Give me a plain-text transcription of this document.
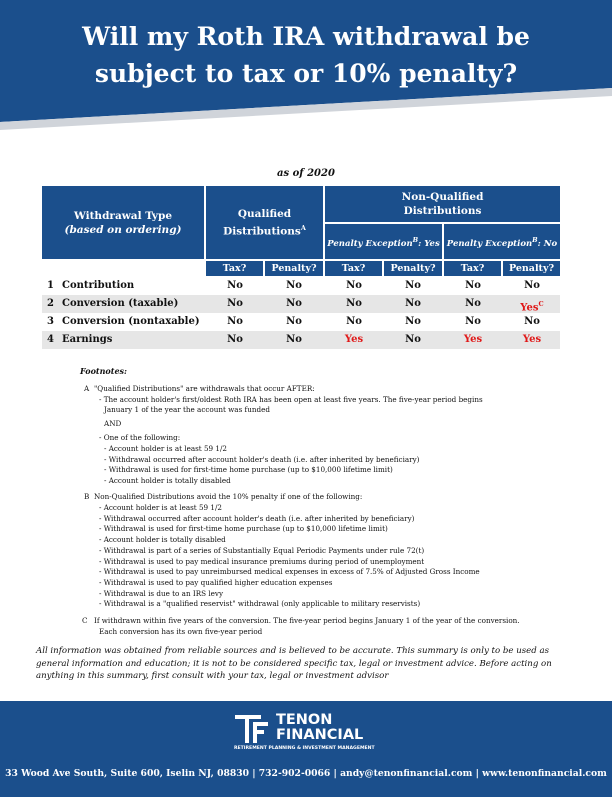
Will my Roth IRA withdrawal be
subject to tax or 10% penalty?
as of 2020
Withdrawal Type
(based on ordering)
Qualified Distributions$^A$
Non-Qualified Distributions
Penalty Exception$^B$: Yes Penalty Exception$^B$: No
Tax?	Penalty?	Tax?	Penalty?	Tax?	Penalty?
1 Contribution	No	No	No	No	No	No
2 Conversion (taxable)	No	No	No	No	No	Yes$^C$
3 Conversion (nontaxable)	No	No	No	No	No	No
4 Earnings	No	No	Yes	No	Yes	Yes
Footnotes:
A "Qualified Distributions" are withdrawals that occur AFTER:
- The account holder's first/oldest Roth IRA has been open at least five years. The five-year period begins
January 1 of the year the account was funded
AND
- One of the following:
- Account holder is at least 59 1/2
- Withdrawal occurred after account holder's death (i.e. after inherited by beneficiary)
- Withdrawal is used for first-time home purchase (up to $10,000 lifetime limit)
- Account holder is totally disabled
B Non-Qualified Distributions avoid the 10% penalty if one of the following:
- Account holder is at least 59 1/2
- Withdrawal occurred after account holder's death (i.e. after inherited by beneficiary)
- Withdrawal is used for first-time home purchase (up to $10,000 lifetime limit)
- Account holder is totally disabled
- Withdrawal is part of a series of Substantially Equal Periodic Payments under rule 72(t)
- Withdrawal is used to pay medical insurance premiums during period of unemployment
- Withdrawal is used to pay unreimbursed medical expenses in excess of 7.5% of Adjusted Gross Income
- Withdrawal is used to pay qualified higher education expenses
- Withdrawal is due to an IRS levy
- Withdrawal is a "qualified reservist" withdrawal (only applicable to military reservists)
C If withdrawn within five years of the conversion. The five-year period begins January 1 of the year of the conversion.
Each conversion has its own five-year period
All information was obtained from reliable sources and is believed to be accurate. This summary is only to be used as general information and education; it is not to be considered specific tax, legal or investment advice. Before acting on anything in this summary, first consult with your tax, legal or investment advisor
TENON
FINANCIAL
RETIREMENT PLANNING & INVESTMENT MANAGEMENT
33 Wood Ave South, Suite 600, Iselin NJ, 08830 | 732-902-0066 | andy@tenonfinancial.com | www.tenonfinancial.com
